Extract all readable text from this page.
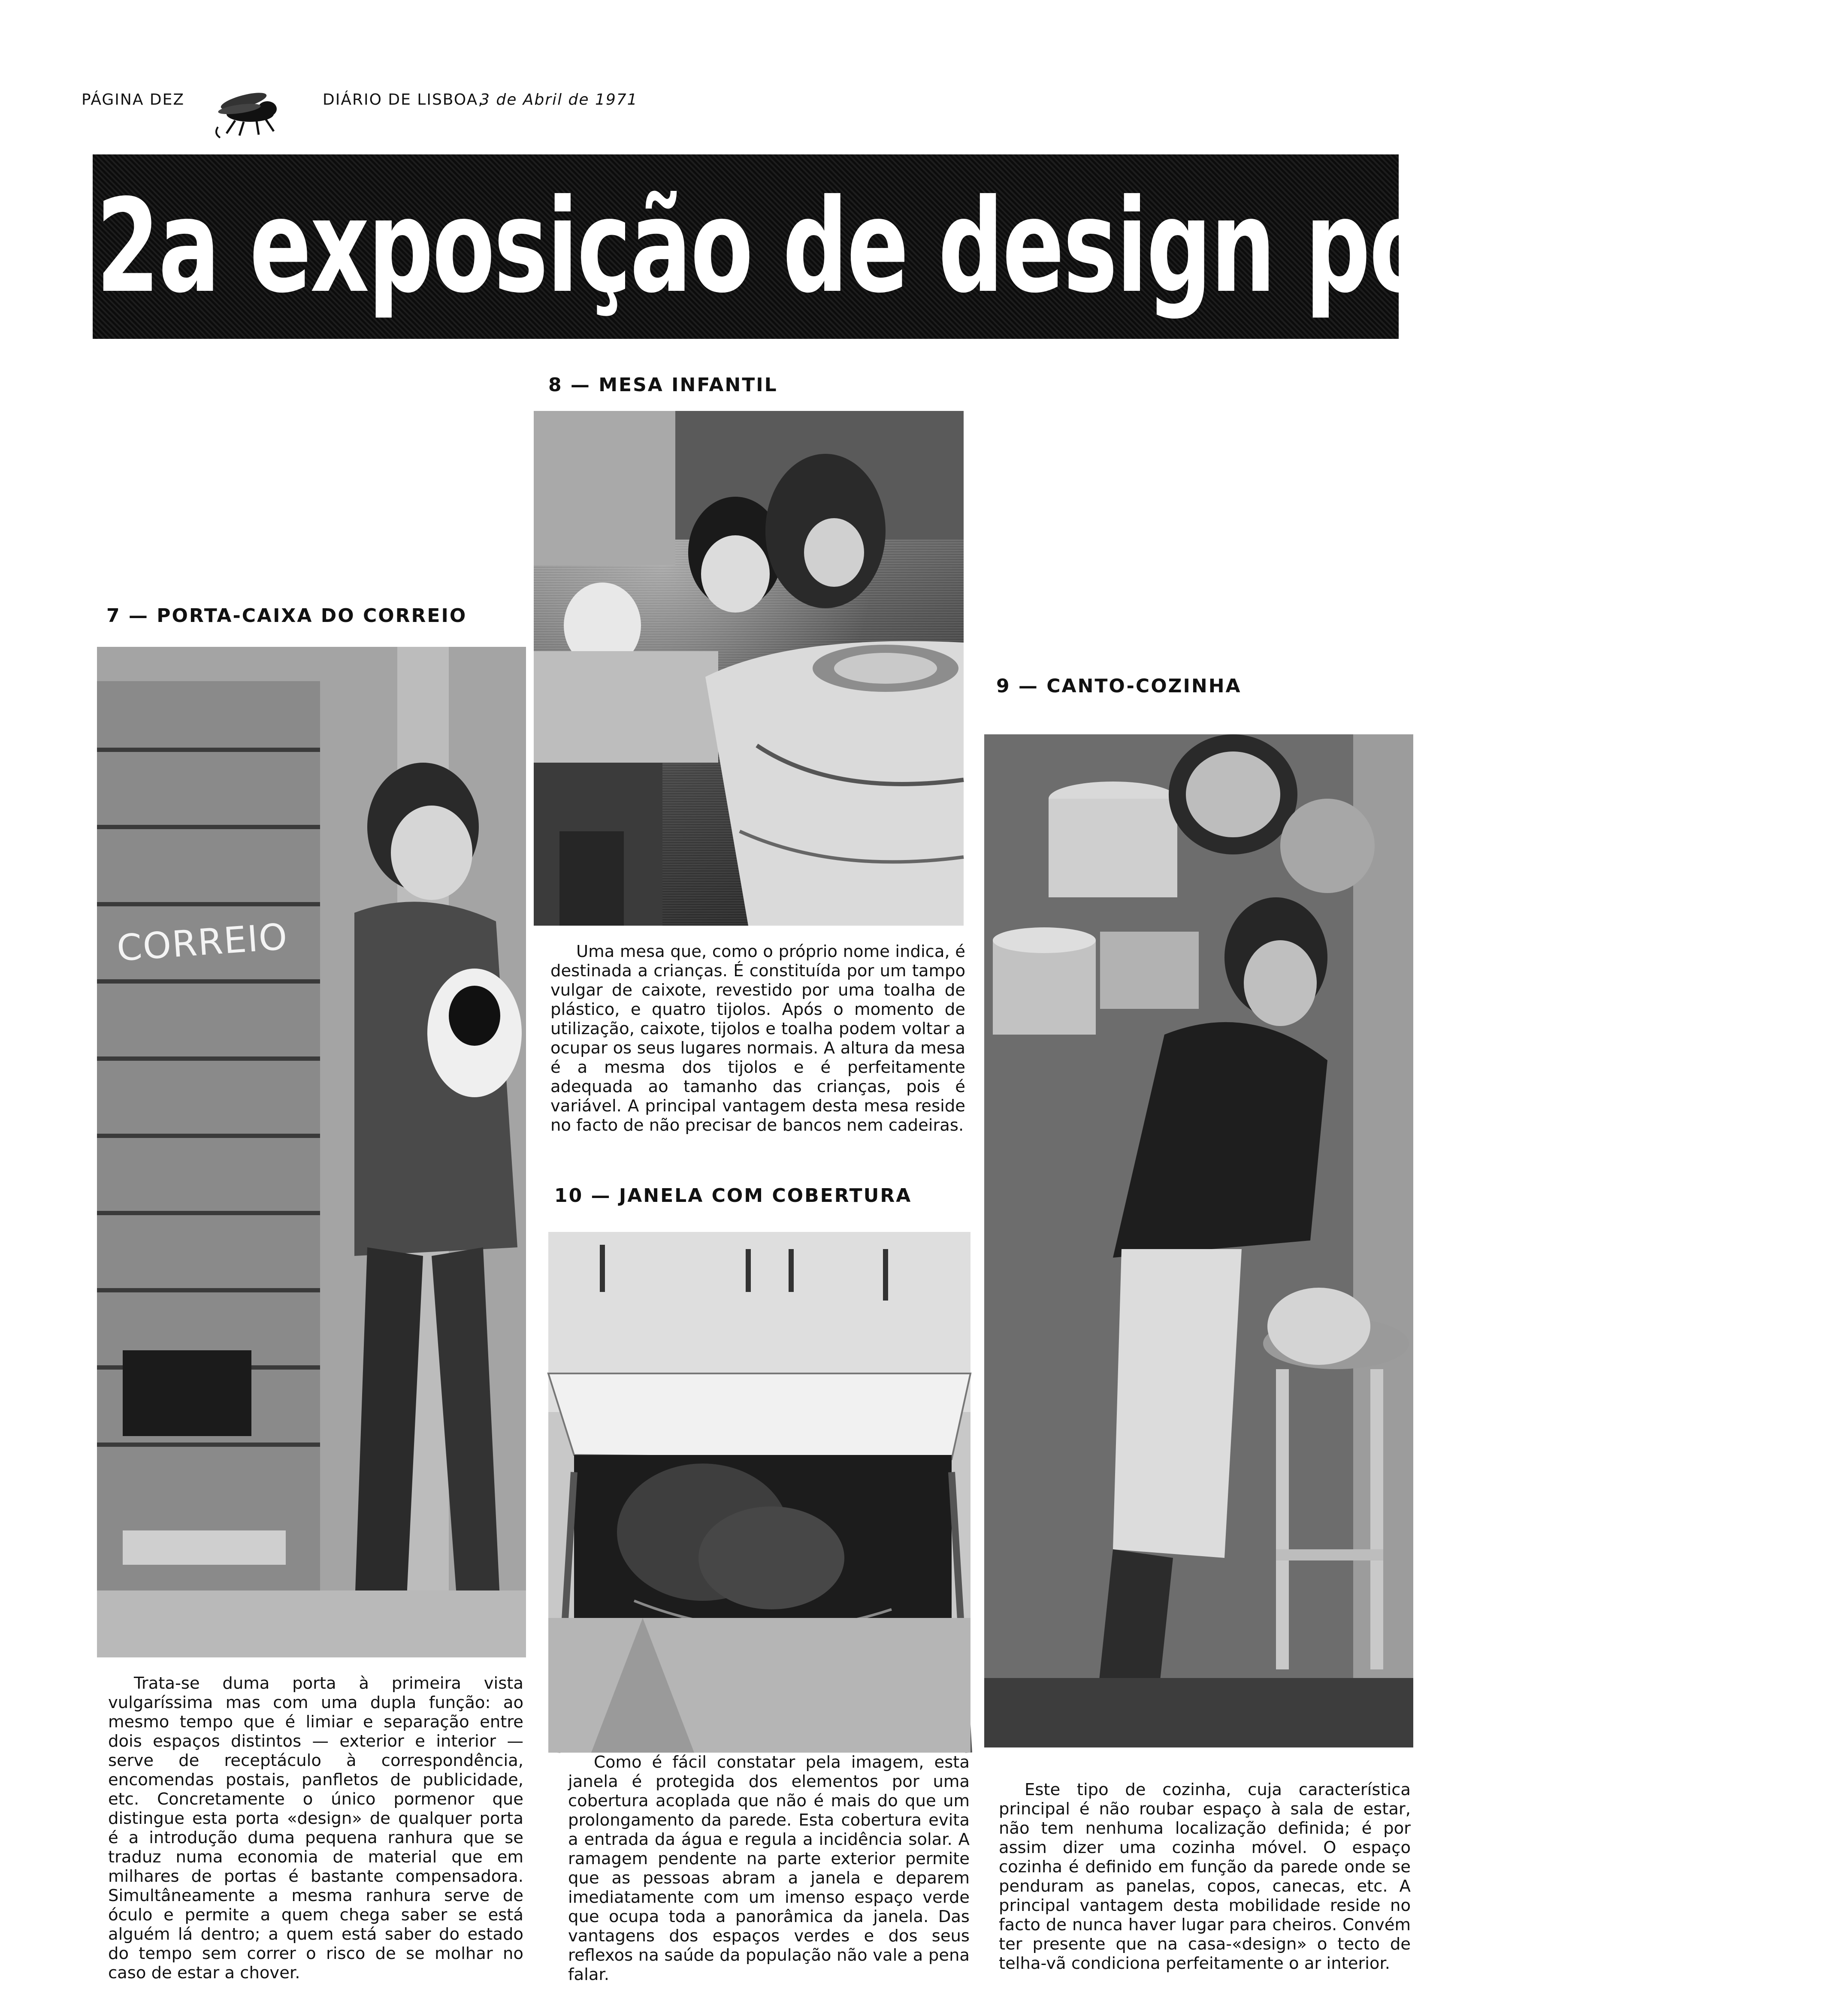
PÁGINA DEZ	DIÁRIO DE LISBOA,
3 de Abril de 1971
2a exposição de design português
8 — MESA INFANTIL

Uma mesa que, como o próprio nome indica, é destinada a crianças. É constituída por um tampo vulgar de caixote, revestido por uma toalha de plástico, e quatro tijolos. Após o momento de utilização, caixote, tijolos e toalha podem voltar a ocupar os seus lugares normais. A altura da mesa é a mesma dos tijolos e é perfeitamente adequada ao tamanho das crianças, pois é variável. A principal vantagem desta mesa reside no facto de não precisar de bancos nem cadeiras.

10 — JANELA COM COBERTURA

Como é fácil constatar pela imagem, esta janela é protegida dos elementos por uma cobertura acoplada que não é mais do que um prolongamento da parede. Esta cobertura evita a entrada da água e regula a incidência solar. A ramagem pendente na parte exterior permite que as pessoas abram a janela e deparem imediatamente com um imenso espaço verde que ocupa toda a panorâmica da janela. Das vantagens dos espaços verdes e dos seus reflexos na saúde da população não vale a pena falar.

7 — PORTA-CAIXA DO CORREIO
CORREIO

Trata-se duma porta à primeira vista vulgaríssima mas com uma dupla função: ao mesmo tempo que é limiar e separação entre dois espaços distintos — exterior e interior — serve de receptáculo à correspondência, encomendas postais, panfletos de publicidade, etc. Concretamente o único pormenor que distingue esta porta «design» de qualquer porta é a introdução duma pequena ranhura que se traduz numa economia de material que em milhares de portas é bastante compensadora. Simultâneamente a mesma ranhura serve de óculo e permite a quem chega saber se está alguém lá dentro; a quem está saber do estado do tempo sem correr o risco de se molhar no caso de estar a chover.

9 — CANTO-COZINHA

Este tipo de cozinha, cuja característica principal é não roubar espaço à sala de estar, não tem nenhuma localização definida; é por assim dizer uma cozinha móvel. O espaço cozinha é definido em função da parede onde se penduram as panelas, copos, canecas, etc. A principal vantagem desta mobilidade reside no facto de nunca haver lugar para cheiros. Convém ter presente que na casa-«design» o tecto de telha-vã condiciona perfeitamente o ar interior.
